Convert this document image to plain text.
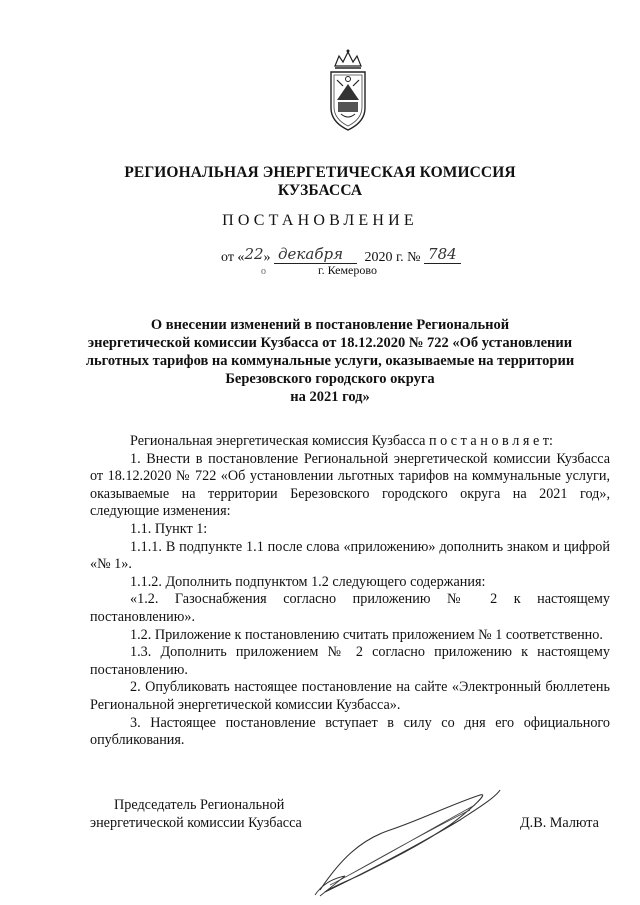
РЕГИОНАЛЬНАЯ ЭНЕРГЕТИЧЕСКАЯ КОМИССИЯ
КУЗБАССА
ПОСТАНОВЛЕНИЕ
от «22» декабря 2020 г. № 784
о	г. Кемерово
О внесении изменений в постановление Региональной
энергетической комиссии Кузбасса от 18.12.2020 № 722 «Об установлении
льготных тарифов на коммунальные услуги, оказываемые на территории
Березовского городского округа
на 2021 год»

Региональная энергетическая комиссия Кузбасса п о с т а н о в л я е т:

1. Внести в постановление Региональной энергетической комиссии Кузбасса от 18.12.2020 № 722 «Об установлении льготных тарифов на коммунальные услуги, оказываемые на территории Березовского городского округа на 2021 год», следующие изменения:

1.1. Пункт 1:

1.1.1. В подпункте 1.1 после слова «приложению» дополнить знаком и цифрой «№ 1».

1.1.2. Дополнить подпунктом 1.2 следующего содержания:

«1.2. Газоснабжения согласно приложению № 2 к настоящему постановлению».

1.2. Приложение к постановлению считать приложением № 1 соответственно.

1.3. Дополнить приложением № 2 согласно приложению к настоящему постановлению.

2. Опубликовать настоящее постановление на сайте «Электронный бюллетень Региональной энергетической комиссии Кузбасса».

3. Настоящее постановление вступает в силу со дня его официального опубликования.

Председатель Региональной
энергетической комиссии Кузбасса	Д.В. Малюта
